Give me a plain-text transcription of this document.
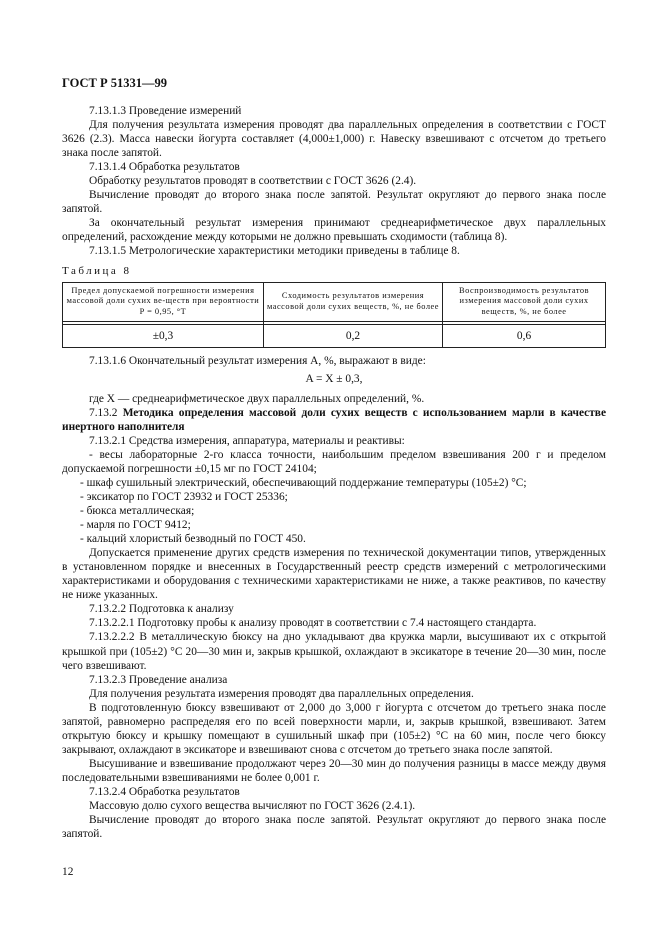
ГОСТ Р 51331—99

7.13.1.3 Проведение измерений

Для получения результата измерения проводят два параллельных определения в соответствии с ГОСТ 3626 (2.3). Масса навески йогурта составляет (4,000±1,000) г. Навеску взвешивают с отсчетом до третьего знака после запятой.

7.13.1.4 Обработка результатов

Обработку результатов проводят в соответствии с ГОСТ 3626 (2.4).

Вычисление проводят до второго знака после запятой. Результат округляют до первого знака после запятой.

За окончательный результат измерения принимают среднеарифметическое двух параллельных определений, расхождение между которыми не должно превышать сходимости (таблица 8).

7.13.1.5 Метрологические характеристики методики приведены в таблице 8.

Таблица 8

Предел допускаемой погрешности измерения массовой доли сухих ве-ществ при вероятности P = 0,95, °Т	Сходимость результатов измерения массовой доли сухих веществ, %, не более	Воспроизводимость результатов измерения массовой доли сухих веществ, %, не более

±0,3	0,2	0,6

7.13.1.6 Окончательный результат измерения A, %, выражают в виде:

A = X ± 0,3,

где X — среднеарифметическое двух параллельных определений, %.

7.13.2 Методика определения массовой доли сухих веществ с использованием марли в качестве инертного наполнителя

7.13.2.1 Средства измерения, аппаратура, материалы и реактивы:

- весы лабораторные 2-го класса точности, наибольшим пределом взвешивания 200 г и пределом допускаемой погрешности ±0,15 мг по ГОСТ 24104;

- шкаф сушильный электрический, обеспечивающий поддержание температуры (105±2) °С;

- эксикатор по ГОСТ 23932 и ГОСТ 25336;

- бюкса металлическая;

- марля по ГОСТ 9412;

- кальций хлористый безводный по ГОСТ 450.

Допускается применение других средств измерения по технической документации типов, утвержденных в установленном порядке и внесенных в Государственный реестр средств измерений с метрологическими характеристиками и оборудования с техническими характеристиками не ниже, а также реактивов, по качеству не ниже указанных.

7.13.2.2 Подготовка к анализу

7.13.2.2.1 Подготовку пробы к анализу проводят в соответствии с 7.4 настоящего стандарта.

7.13.2.2.2 В металлическую бюксу на дно укладывают два кружка марли, высушивают их с открытой крышкой при (105±2) °С 20—30 мин и, закрыв крышкой, охлаждают в эксикаторе в течение 20—30 мин, после чего взвешивают.

7.13.2.3 Проведение анализа

Для получения результата измерения проводят два параллельных определения.

В подготовленную бюксу взвешивают от 2,000 до 3,000 г йогурта с отсчетом до третьего знака после запятой, равномерно распределяя его по всей поверхности марли, и, закрыв крышкой, взвешивают. Затем открытую бюксу и крышку помещают в сушильный шкаф при (105±2) °С на 60 мин, после чего бюксу закрывают, охлаждают в эксикаторе и взвешивают снова с отсчетом до третьего знака после запятой.

Высушивание и взвешивание продолжают через 20—30 мин до получения разницы в массе между двумя последовательными взвешиваниями не более 0,001 г.

7.13.2.4 Обработка результатов

Массовую долю сухого вещества вычисляют по ГОСТ 3626 (2.4.1).

Вычисление проводят до второго знака после запятой. Результат округляют до первого знака после запятой.

12
